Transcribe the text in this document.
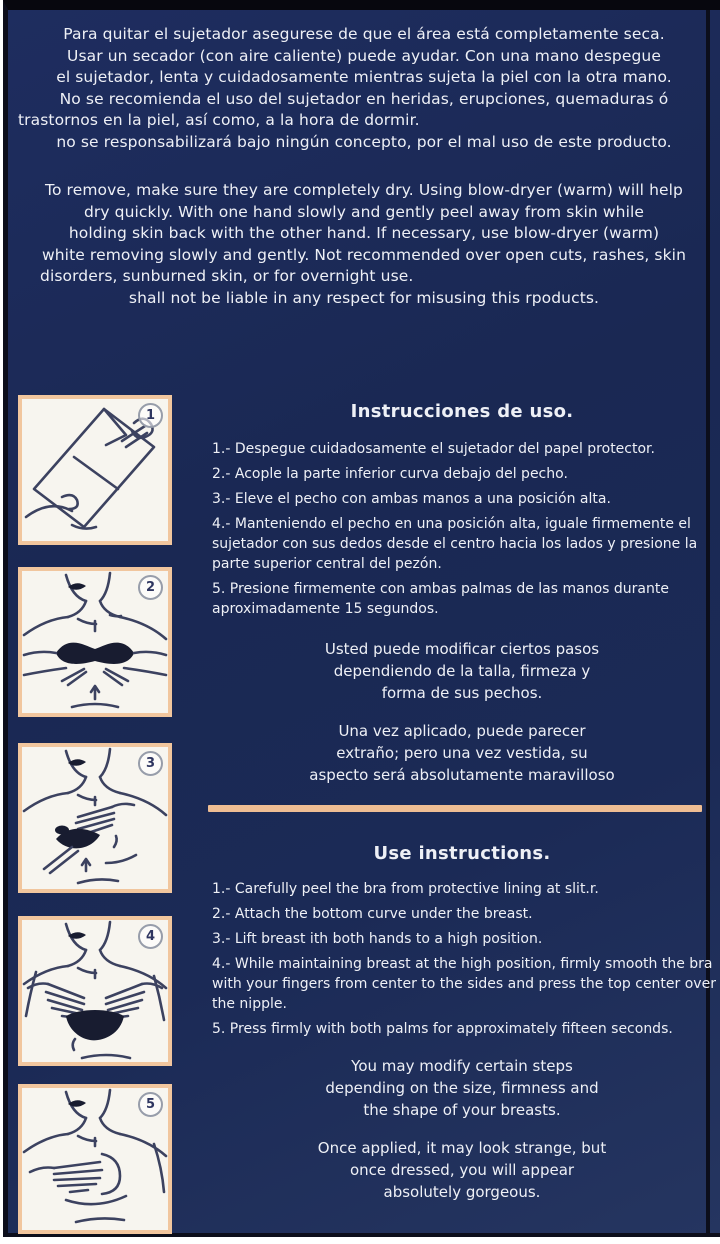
Para quitar el sujetador asegurese de que el área está completamente seca.
Usar un secador (con aire caliente) puede ayudar. Con una mano despegue
el sujetador, lenta y cuidadosamente mientras sujeta la piel con la otra mano.
No se recomienda el uso del sujetador en heridas, erupciones, quemaduras ó
trastornos en la piel, así como, a la hora de dormir.
no se responsabilizará bajo ningún concepto, por el mal uso de este producto.
To remove, make sure they are completely dry. Using blow-dryer (warm) will help
dry quickly. With one hand slowly and gently peel away from skin while
holding skin back with the other hand. If necessary, use blow-dryer (warm)
white removing slowly and gently. Not recommended over open cuts, rashes, skin
disorders, sunburned skin, or for overnight use.
shall not be liable in any respect for misusing this rpoducts.
1
2
3
4
5
Instrucciones de uso.
1.- Despegue cuidadosamente el sujetador del papel protector.
2.- Acople la parte inferior curva debajo del pecho.
3.- Eleve el pecho con ambas manos a una posición alta.
4.- Manteniendo el pecho en una posición alta, iguale firmemente el sujetador con sus dedos desde el centro hacia los lados y presione la parte superior central del pezón.
5. Presione firmemente con ambas palmas de las manos durante aproximadamente 15 segundos.
Usted puede modificar ciertos pasos
dependiendo de la talla, firmeza y
forma de sus pechos.
Una vez aplicado, puede parecer
extraño; pero una vez vestida, su
aspecto será absolutamente maravilloso
Use instructions.
1.- Carefully peel the bra from protective lining at slit.r.
2.- Attach the bottom curve under the breast.
3.- Lift breast ith both hands to a high position.
4.- While maintaining breast at the high position, firmly smooth the bra with your fingers from center to the sides and press the top center over the nipple.
5. Press firmly with both palms for approximately fifteen seconds.
You may modify certain steps
depending on the size, firmness and
the shape of your breasts.
Once applied, it may look strange, but
once dressed, you will appear
absolutely gorgeous.
